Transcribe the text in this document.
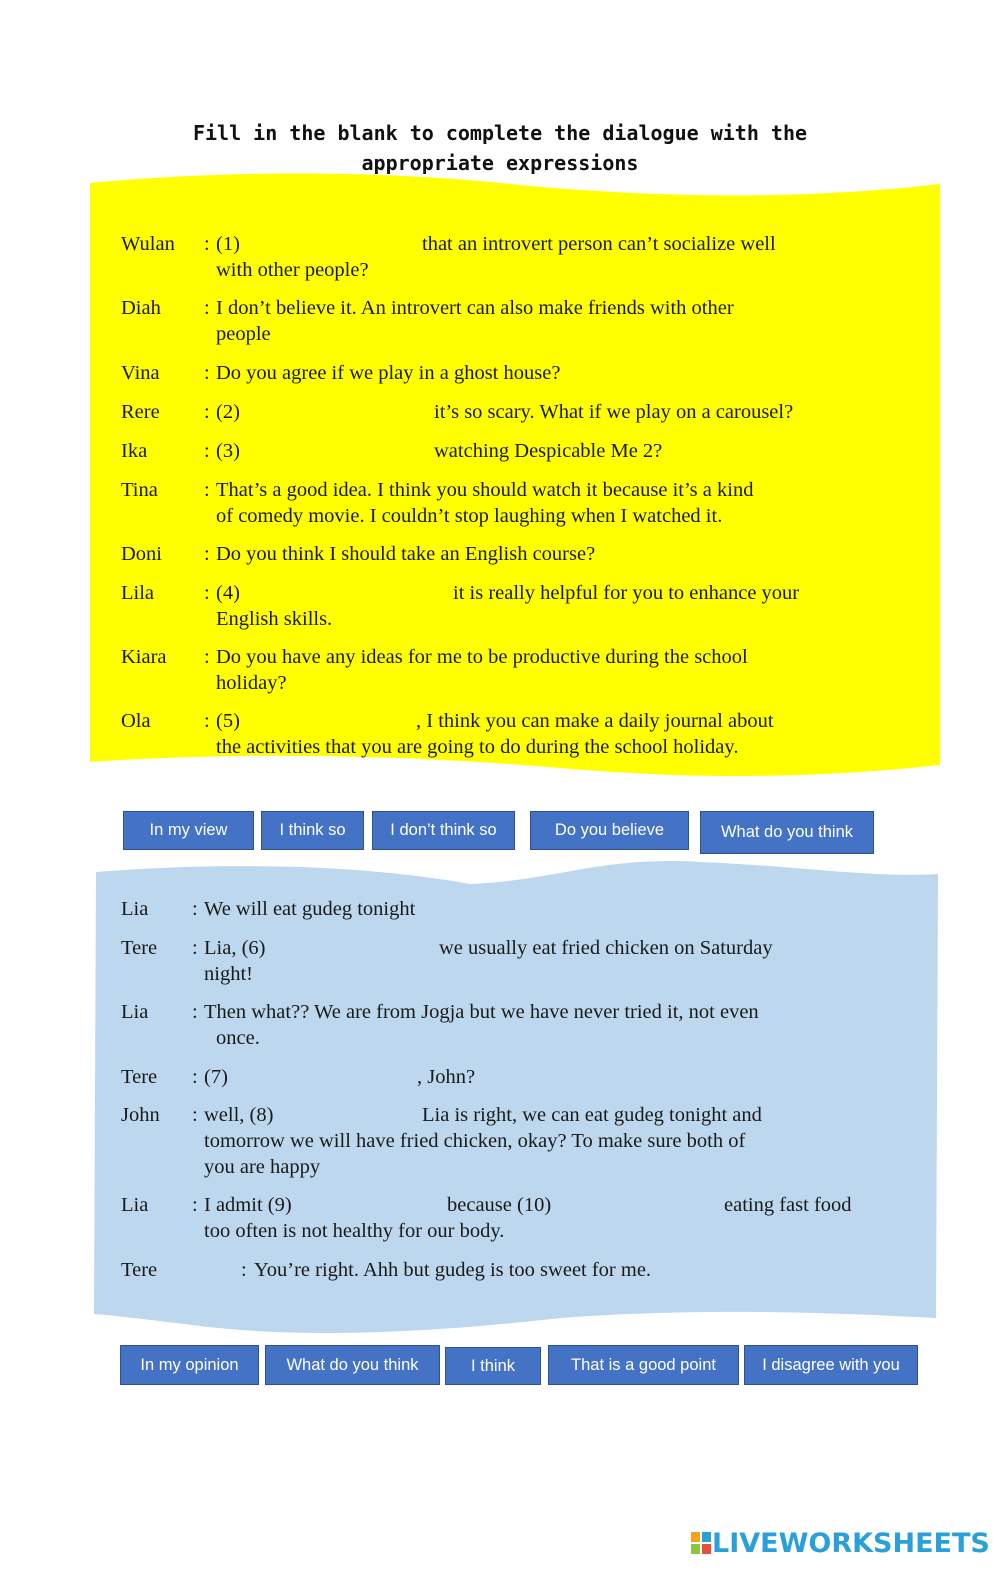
Fill in the blank to complete the dialogue with the
appropriate expressions
Wulan : (1)	that an introvert person can’t socialize well
with other people?
Diah : I don’t believe it. An introvert can also make friends with other
people
Vina : Do you agree if we play in a ghost house?
Rere : (2)	it’s so scary. What if we play on a carousel?
Ika	: (3)	watching Despicable Me 2?
Tina : That’s a good idea. I think you should watch it because it’s a kind
of comedy movie. I couldn’t stop laughing when I watched it.
Doni : Do you think I should take an English course?
Lila : (4)	it is really helpful for you to enhance your
English skills.
Kiara : Do you have any ideas for me to be productive during the school
holiday?
Ola	: (5)	, I think you can make a daily journal about
the activities that you are going to do during the school holiday.
In my view	I think so	I don’t think so	Do you believe	What do you think
Lia : We will eat gudeg tonight
Tere : Lia, (6)	we usually eat fried chicken on Saturday
night!
Lia : Then what?? We are from Jogja but we have never tried it, not even
once.
Tere : (7)	, John?
John : well, (8)	Lia is right, we can eat gudeg tonight and
tomorrow we will have fried chicken, okay? To make sure both of
you are happy
Lia : I admit (9)	because (10)	eating fast food
too often is not healthy for our body.
Tere	: You’re right. Ahh but gudeg is too sweet for me.
In my opinion	What do you think	I think	That is a good point	I disagree with you
LIVEWORKSHEETS
